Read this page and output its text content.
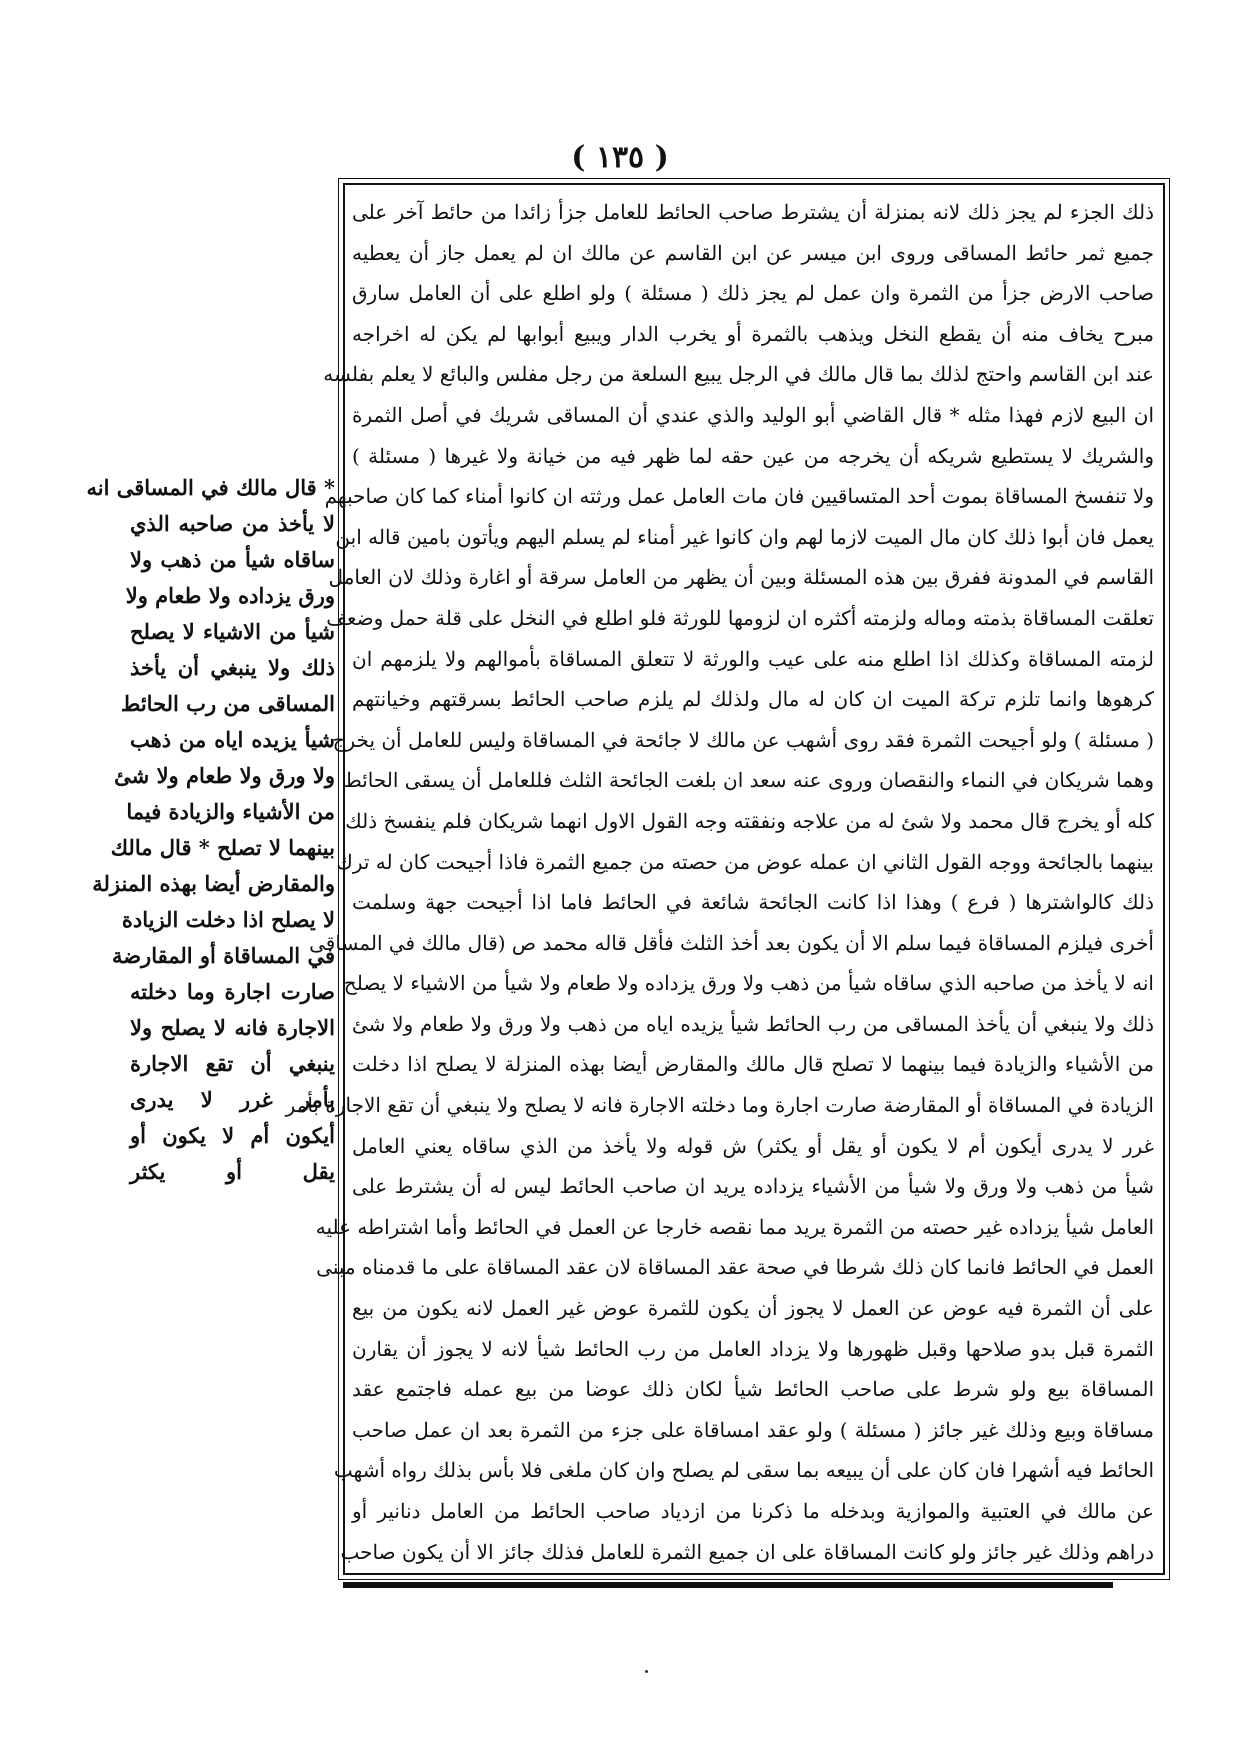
( ١٣٥ )
ذلك الجزء لم يجز ذلك لانه بمنزلة أن يشترط صاحب الحائط للعامل جزأ زائدا من حائط آخر على
جميع ثمر حائط المساقى وروى ابن ميسر عن ابن القاسم عن مالك ان لم يعمل جاز أن يعطيه
صاحب الارض جزأ من الثمرة وان عمل لم يجز ذلك ( مسئلة ) ولو اطلع على أن العامل سارق
مبرح يخاف منه أن يقطع النخل ويذهب بالثمرة أو يخرب الدار ويبيع أبوابها لم يكن له اخراجه
عند ابن القاسم واحتج لذلك بما قال مالك في الرجل يبيع السلعة من رجل مفلس والبائع لا يعلم بفلسه
ان البيع لازم فهذا مثله * قال القاضي أبو الوليد والذي عندي أن المساقى شريك في أصل الثمرة
والشريك لا يستطيع شريكه أن يخرجه من عين حقه لما ظهر فيه من خيانة ولا غيرها ( مسئلة )
ولا تنفسخ المساقاة بموت أحد المتساقيين فان مات العامل عمل ورثته ان كانوا أمناء كما كان صاحبهم
يعمل فان أبوا ذلك كان مال الميت لازما لهم وان كانوا غير أمناء لم يسلم اليهم ويأتون بامين قاله ابن
القاسم في المدونة ففرق بين هذه المسئلة وبين أن يظهر من العامل سرقة أو اغارة وذلك لان العامل
تعلقت المساقاة بذمته وماله ولزمته أكثره ان لزومها للورثة فلو اطلع في النخل على قلة حمل وضعف
لزمته المساقاة وكذلك اذا اطلع منه على عيب والورثة لا تتعلق المساقاة بأموالهم ولا يلزمهم ان
كرهوها وانما تلزم تركة الميت ان كان له مال ولذلك لم يلزم صاحب الحائط بسرقتهم وخيانتهم
( مسئلة ) ولو أجيحت الثمرة فقد روى أشهب عن مالك لا جائحة في المساقاة وليس للعامل أن يخرج
وهما شريكان في النماء والنقصان وروى عنه سعد ان بلغت الجائحة الثلث فللعامل أن يسقى الحائط
كله أو يخرج قال محمد ولا شئ له من علاجه ونفقته وجه القول الاول انهما شريكان فلم ينفسخ ذلك
بينهما بالجائحة ووجه القول الثاني ان عمله عوض من حصته من جميع الثمرة فاذا أجيحت كان له ترك
ذلك كالواشترها ( فرع ) وهذا اذا كانت الجائحة شائعة في الحائط فاما اذا أجيحت جهة وسلمت
أخرى فيلزم المساقاة فيما سلم الا أن يكون بعد أخذ الثلث فأقل قاله محمد ص (قال مالك في المساقى
انه لا يأخذ من صاحبه الذي ساقاه شيأ من ذهب ولا ورق يزداده ولا طعام ولا شيأ من الاشياء لا يصلح
ذلك ولا ينبغي أن يأخذ المساقى من رب الحائط شيأ يزيده اياه من ذهب ولا ورق ولا طعام ولا شئ
من الأشياء والزيادة فيما بينهما لا تصلح قال مالك والمقارض أيضا بهذه المنزلة لا يصلح اذا دخلت
الزيادة في المساقاة أو المقارضة صارت اجارة وما دخلته الاجارة فانه لا يصلح ولا ينبغي أن تقع الاجارة بأمر
غرر لا يدرى أيكون أم لا يكون أو يقل أو يكثر) ش قوله ولا يأخذ من الذي ساقاه يعني العامل
شيأ من ذهب ولا ورق ولا شيأ من الأشياء يزداده يريد ان صاحب الحائط ليس له أن يشترط على
العامل شيأ يزداده غير حصته من الثمرة يريد مما نقصه خارجا عن العمل في الحائط وأما اشتراطه عليه
العمل في الحائط فانما كان ذلك شرطا في صحة عقد المساقاة لان عقد المساقاة على ما قدمناه مبنى
على أن الثمرة فيه عوض عن العمل لا يجوز أن يكون للثمرة عوض غير العمل لانه يكون من بيع
الثمرة قبل بدو صلاحها وقبل ظهورها ولا يزداد العامل من رب الحائط شيأ لانه لا يجوز أن يقارن
المساقاة بيع ولو شرط على صاحب الحائط شيأ لكان ذلك عوضا من بيع عمله فاجتمع عقد
مساقاة وبيع وذلك غير جائز ( مسئلة ) ولو عقد امساقاة على جزء من الثمرة بعد ان عمل صاحب
الحائط فيه أشهرا فان كان على أن يبيعه بما سقى لم يصلح وان كان ملغى فلا بأس بذلك رواه أشهب
عن مالك في العتبية والموازية وبدخله ما ذكرنا من ازدياد صاحب الحائط من العامل دنانير أو
دراهم وذلك غير جائز ولو كانت المساقاة على ان جميع الثمرة للعامل فذلك جائز الا أن يكون صاحب
* قال مالك في المساقى انه
لا يأخذ من صاحبه الذي
ساقاه شيأ من ذهب ولا
ورق يزداده ولا طعام ولا
شيأ من الاشياء لا يصلح
ذلك ولا ينبغي أن يأخذ
المساقى من رب الحائط
شيأ يزيده اياه من ذهب
ولا ورق ولا طعام ولا شئ
من الأشياء والزيادة فيما
بينهما لا تصلح * قال مالك
والمقارض أيضا بهذه المنزلة
لا يصلح اذا دخلت الزيادة
في المساقاة أو المقارضة
صارت اجارة وما دخلته
الاجارة فانه لا يصلح ولا
ينبغي أن تقع الاجارة
بأمر غرر لا يدرى
أيكون أم لا يكون أو
يقل أو يكثر
